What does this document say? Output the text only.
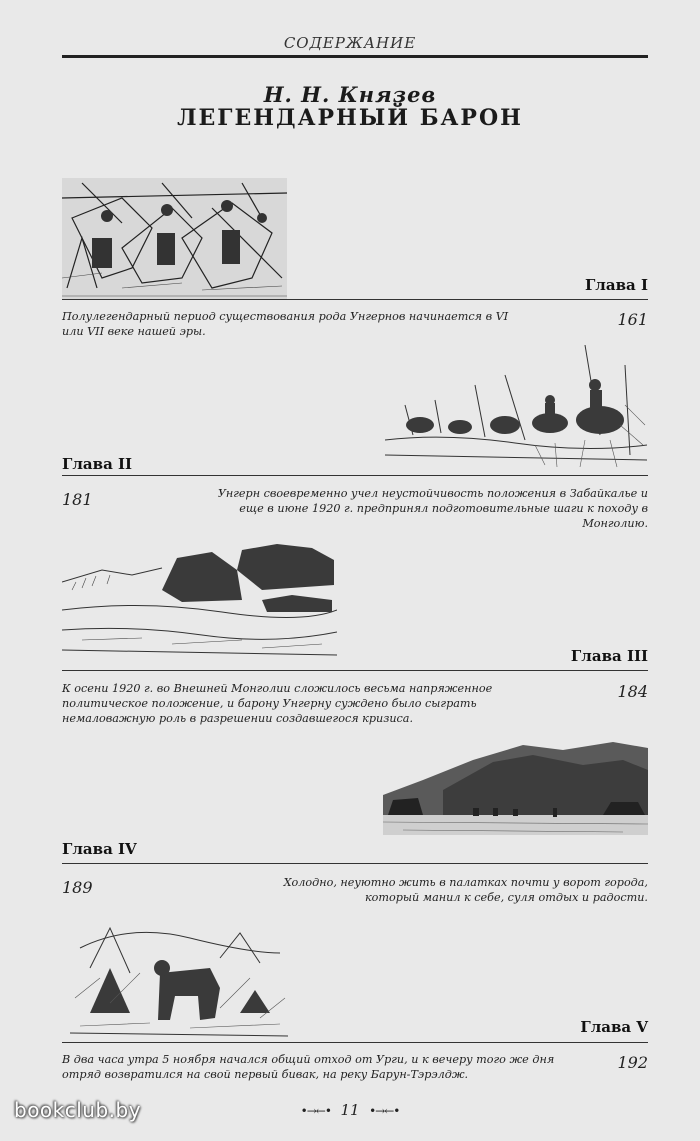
СОДЕРЖАНИЕ
Н. Н. Князев
ЛЕГЕНДАРНЫЙ БАРОН
Глава I
Полулегендарный период существования рода Унгернов начинается в VI или VII веке нашей эры.
161
Глава II
181	Унгерн своевременно учел неустойчивость положения в Забайкалье и еще в июне 1920 г. предпринял подготовительные шаги к походу в Монголию.
Глава III
К осени 1920 г. во Внешней Монголии сложилось весьма напряженное политическое положение, и барону Унгерну суждено было сыграть немаловажную роль в разрешении создавшегося кризиса.
184
Глава IV
189	Холодно, неуютно жить в палатках почти у ворот города, который манил к себе, суля отдых и радости.
Глава V
В два часа утра 5 ноября начался общий отход от Урги, и к вечеру того же дня отряд возвратился на свой первый бивак, на реку Барун-Тэрэлдж.
192
•→←• 11 •→←•
bookclub.by
